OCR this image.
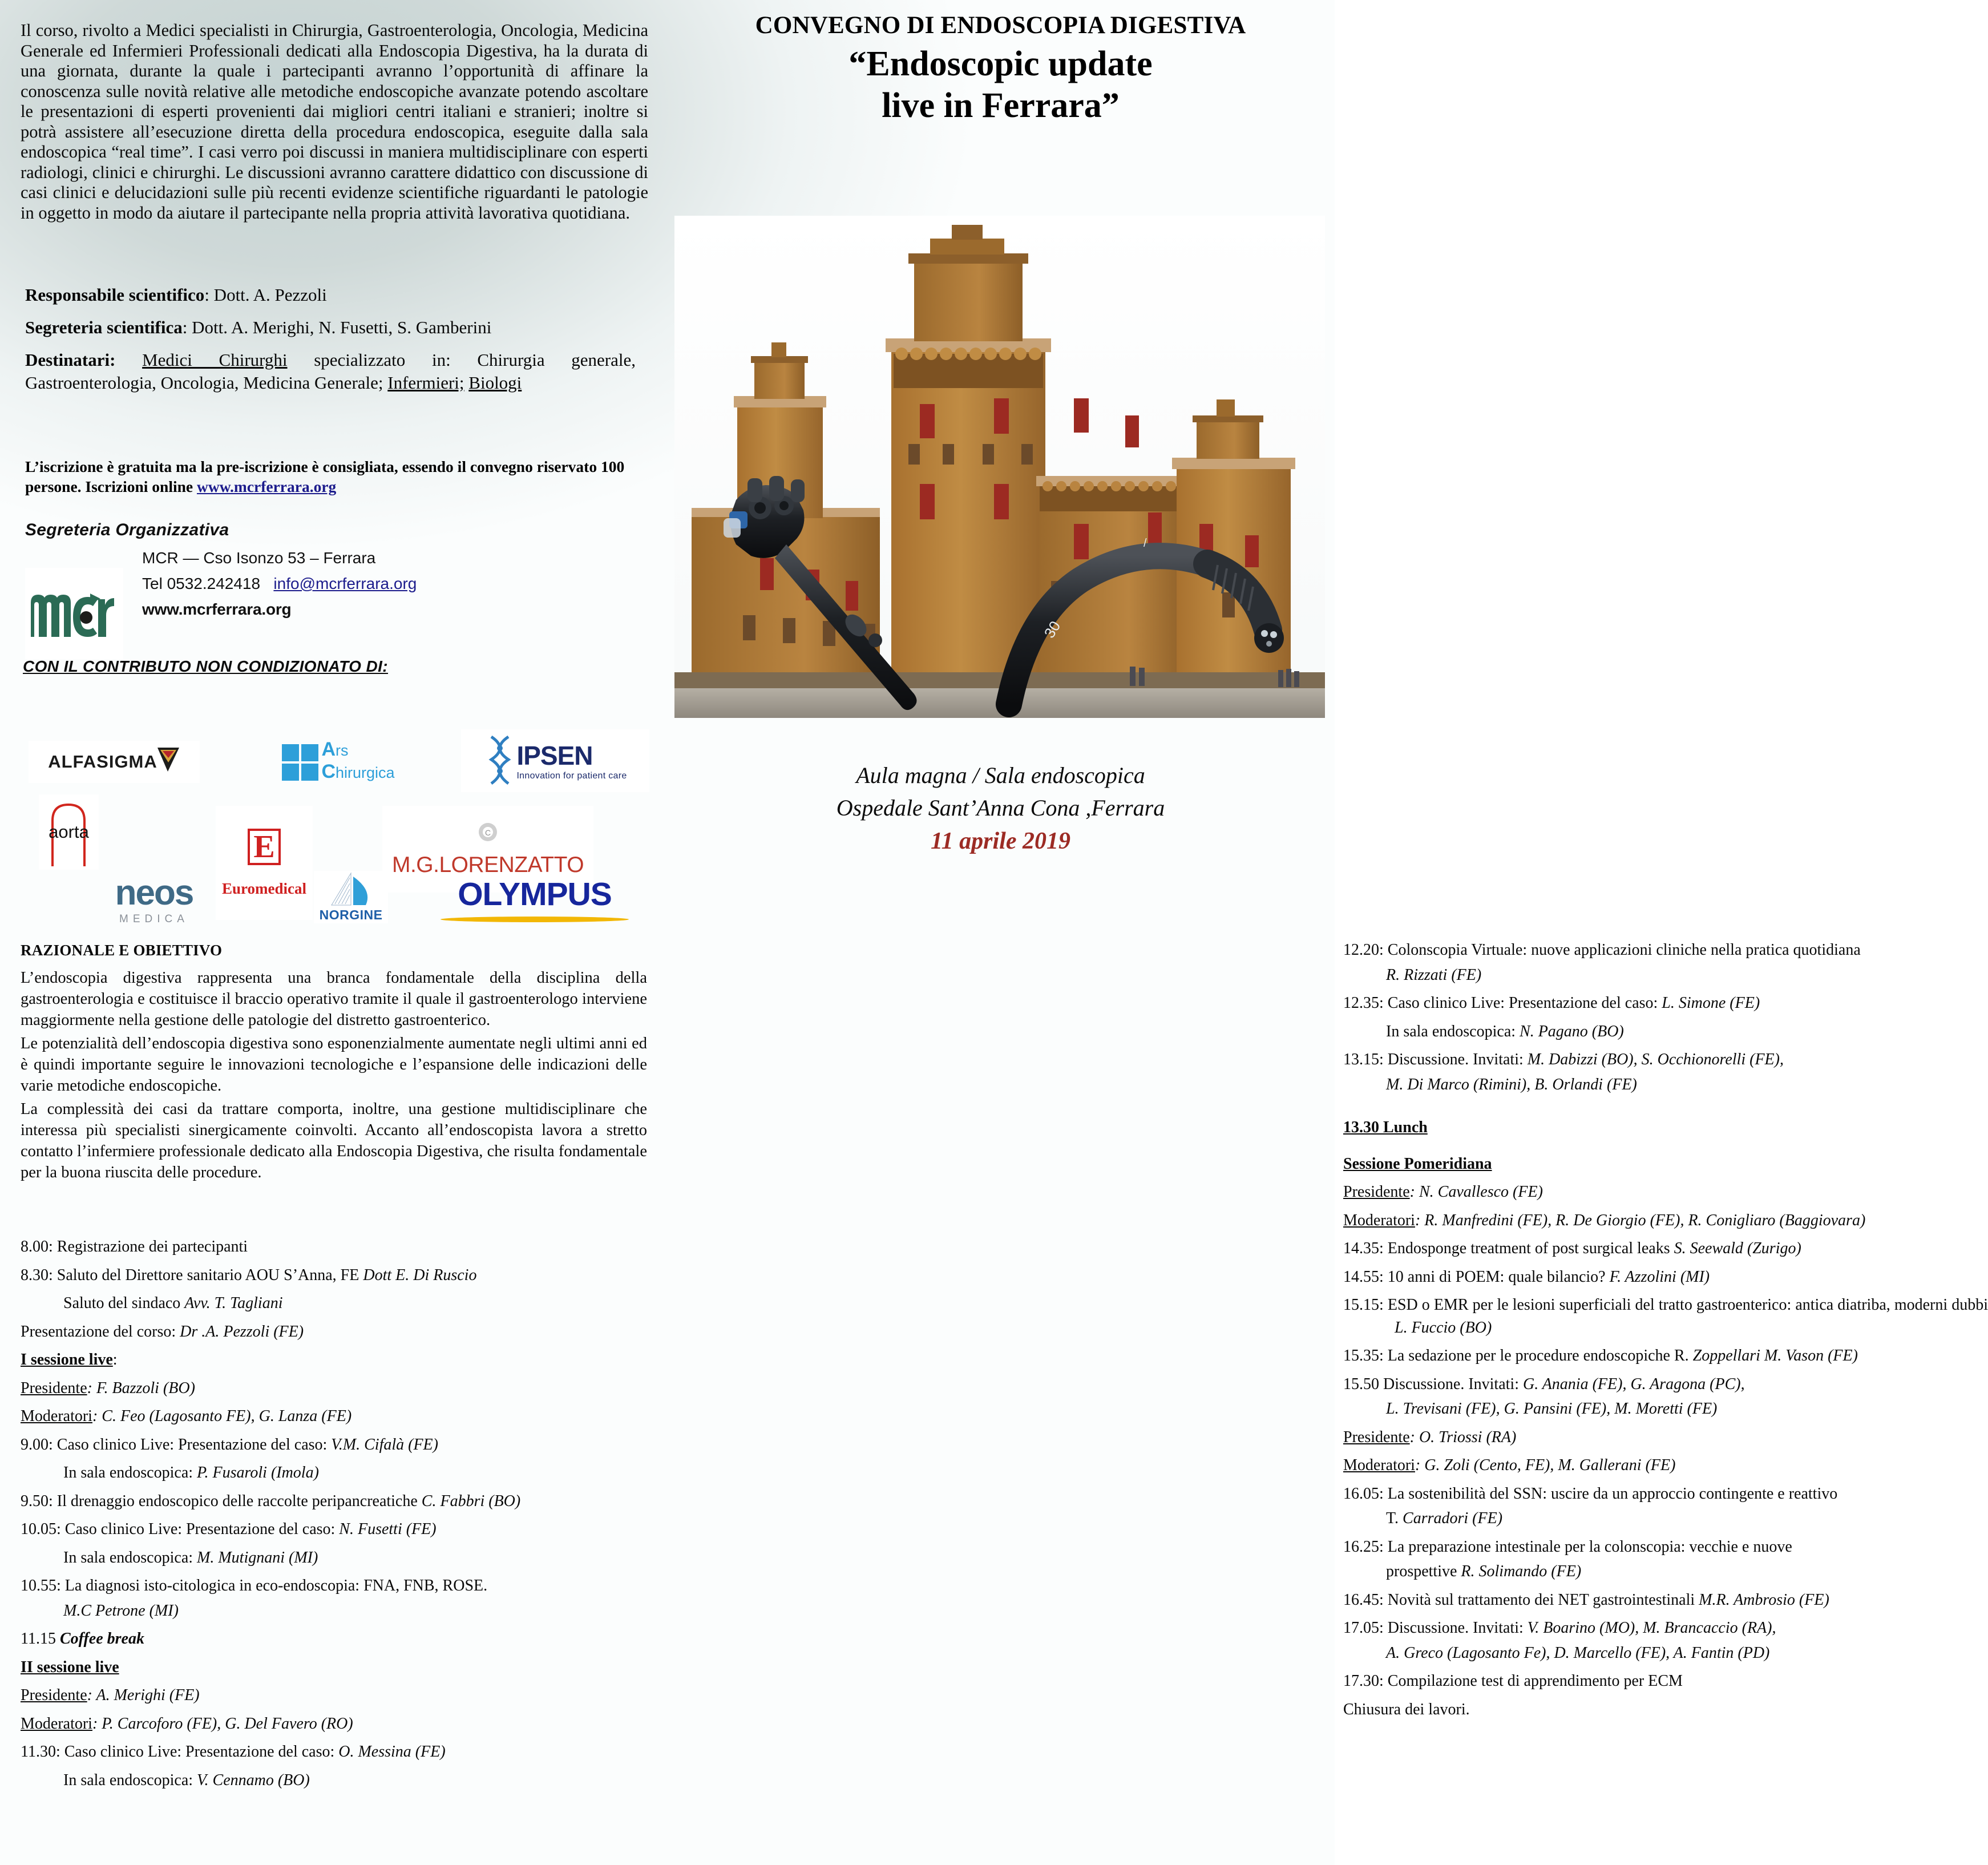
Il corso, rivolto a Medici specialisti in Chirurgia, Gastroenterologia, Oncologia, Medicina Generale ed Infermieri Professionali dedicati alla Endoscopia Digestiva, ha la durata di una giornata, durante la quale i partecipanti avranno l’opportunità di affinare la conoscenza sulle novità relative alle metodiche endoscopiche avanzate potendo ascoltare le presentazioni di esperti provenienti dai migliori centri italiani e stranieri; inoltre si potrà assistere all’esecuzione diretta della procedura endoscopica, eseguite dalla sala endoscopica “real time”. I casi verro poi discussi in maniera multidisciplinare con esperti radiologi, clinici e chirurghi. Le discussioni avranno carattere didattico con discussione di casi clinici e delucidazioni sulle più recenti evidenze scientifiche riguardanti le patologie in oggetto in modo da aiutare il partecipante nella propria attività lavorativa quotidiana.
Responsabile scientifico: Dott. A. Pezzoli
Segreteria scientifica: Dott. A. Merighi, N. Fusetti, S. Gamberini
Destinatari: Medici Chirurghi specializzato in: Chirurgia generale, Gastroenterologia, Oncologia, Medicina Generale; Infermieri; Biologi
L’iscrizione è gratuita ma la pre-iscrizione è consigliata, essendo il convegno riservato 100 persone. Iscrizioni online www.mcrferrara.org
Segreteria Organizzativa
MCR — Cso Isonzo 53 – Ferrara
Tel 0532.242418 info@mcrferrara.org
www.mcrferrara.org
CON IL CONTRIBUTO NON CONDIZIONATO DI:
ALFASIGMA
Ars
Chirurgica
IPSEN
Innovation for patient care
aorta	E
Euromedical
C
M.G.LORENZATTO
neos
MEDICA	NORGINE
OLYMPUS
RAZIONALE E OBIETTIVO

L’endoscopia digestiva rappresenta una branca fondamentale della disciplina della gastroenterologia e costituisce il braccio operativo tramite il quale il gastroenterologo interviene maggiormente nella gestione delle patologie del distretto gastroenterico.

Le potenzialità dell’endoscopia digestiva sono esponenzialmente aumentate negli ultimi anni ed è quindi importante seguire le innovazioni tecnologiche e l’espansione delle indicazioni delle varie metodiche endoscopiche.

La complessità dei casi da trattare comporta, inoltre, una gestione multidisciplinare che interessa più specialisti sinergicamente coinvolti. Accanto all’endoscopista lavora a stretto contatto l’infermiere professionale dedicato alla Endoscopia Digestiva, che risulta fondamentale per la buona riuscita delle procedure.

8.00: Registrazione dei partecipanti
8.30: Saluto del Direttore sanitario AOU S’Anna, FE Dott E. Di Ruscio
Saluto del sindaco Avv. T. Tagliani
Presentazione del corso: Dr .A. Pezzoli (FE)
I sessione live:
Presidente: F. Bazzoli (BO)
Moderatori: C. Feo (Lagosanto FE), G. Lanza (FE)
9.00: Caso clinico Live: Presentazione del caso: V.M. Cifalà (FE)
In sala endoscopica: P. Fusaroli (Imola)
9.50: Il drenaggio endoscopico delle raccolte peripancreatiche C. Fabbri (BO)
10.05: Caso clinico Live: Presentazione del caso: N. Fusetti (FE)
In sala endoscopica: M. Mutignani (MI)
10.55: La diagnosi isto-citologica in eco-endoscopia: FNA, FNB, ROSE.
M.C Petrone (MI)
11.15 Coffee break
II sessione live
Presidente: A. Merighi (FE)
Moderatori: P. Carcoforo (FE), G. Del Favero (RO)
11.30: Caso clinico Live: Presentazione del caso: O. Messina (FE)
In sala endoscopica: V. Cennamo (BO)
CONVEGNO DI ENDOSCOPIA DIGESTIVA
“Endoscopic update
live in Ferrara”
30
/
Aula magna / Sala endoscopica
Ospedale Sant’Anna Cona ,Ferrara
11 aprile 2019
12.20: Colonscopia Virtuale: nuove applicazioni cliniche nella pratica quotidiana
R. Rizzati (FE)
12.35: Caso clinico Live: Presentazione del caso: L. Simone (FE)
In sala endoscopica: N. Pagano (BO)
13.15: Discussione. Invitati: M. Dabizzi (BO), S. Occhionorelli (FE),
M. Di Marco (Rimini), B. Orlandi (FE)
13.30 Lunch
Sessione Pomeridiana
Presidente: N. Cavallesco (FE)
Moderatori: R. Manfredini (FE), R. De Giorgio (FE), R. Conigliaro (Baggiovara)
14.35: Endosponge treatment of post surgical leaks S. Seewald (Zurigo)
14.55: 10 anni di POEM: quale bilancio? F. Azzolini (MI)
15.15: ESD o EMR per le lesioni superficiali del tratto gastroenterico: antica diatriba, moderni dubbi L. Fuccio (BO)
15.35: La sedazione per le procedure endoscopiche R. Zoppellari M. Vason (FE)
15.50 Discussione. Invitati: G. Anania (FE), G. Aragona (PC),
L. Trevisani (FE), G. Pansini (FE), M. Moretti (FE)
Presidente: O. Triossi (RA)
Moderatori: G. Zoli (Cento, FE), M. Gallerani (FE)
16.05: La sostenibilità del SSN: uscire da un approccio contingente e reattivo
T. Carradori (FE)
16.25: La preparazione intestinale per la colonscopia: vecchie e nuove
prospettive R. Solimando (FE)
16.45: Novità sul trattamento dei NET gastrointestinali M.R. Ambrosio (FE)
17.05: Discussione. Invitati: V. Boarino (MO), M. Brancaccio (RA),
A. Greco (Lagosanto Fe), D. Marcello (FE), A. Fantin (PD)
17.30: Compilazione test di apprendimento per ECM
Chiusura dei lavori.
